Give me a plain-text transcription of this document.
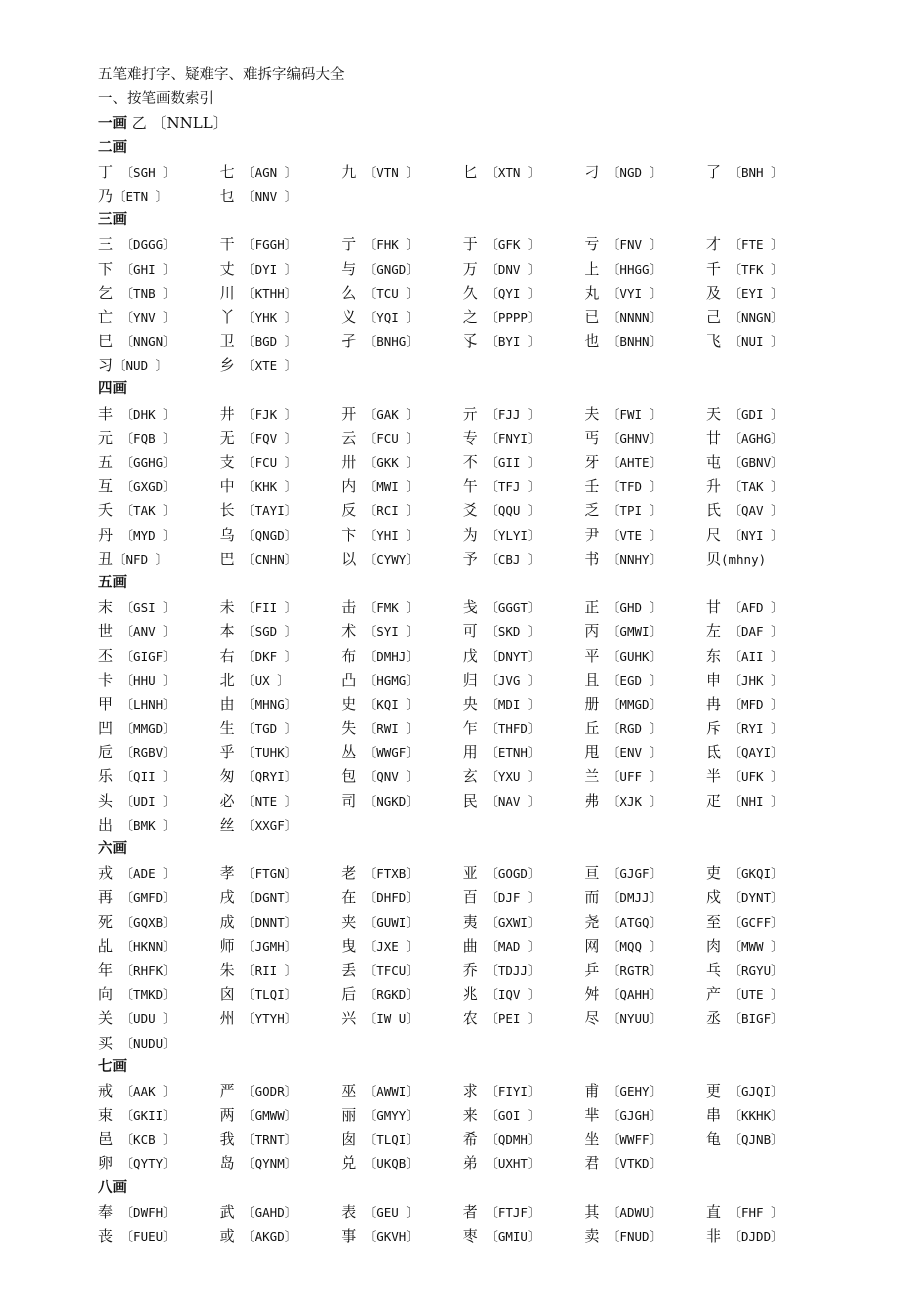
五笔难打字、疑难字、难拆字编码大全
一、按笔画数索引
一画 乙 〔NNLL〕
二画
丁 〔SGH 〕	七 〔AGN 〕	九 〔VTN 〕	匕 〔XTN 〕	刁 〔NGD 〕	了 〔BNH 〕
乃〔ETN 〕	乜 〔NNV 〕
三画
三 〔DGGG〕	干 〔FGGH〕	亍 〔FHK 〕	于 〔GFK 〕	亏 〔FNV 〕	才 〔FTE 〕
下 〔GHI 〕	丈 〔DYI 〕	与 〔GNGD〕	万 〔DNV 〕	上 〔HHGG〕	千 〔TFK 〕
乞 〔TNB 〕	川 〔KTHH〕	么 〔TCU 〕	久 〔QYI 〕	丸 〔VYI 〕	及 〔EYI 〕
亡 〔YNV 〕	丫 〔YHK 〕	义 〔YQI 〕	之 〔PPPP〕	已 〔NNNN〕	己 〔NNGN〕
巳 〔NNGN〕	卫 〔BGD 〕	孑 〔BNHG〕	孓 〔BYI 〕	也 〔BNHN〕	飞 〔NUI 〕
习〔NUD 〕	乡 〔XTE 〕
四画
丰 〔DHK 〕	井 〔FJK 〕	开 〔GAK 〕	亓 〔FJJ 〕	夫 〔FWI 〕	天 〔GDI 〕
元 〔FQB 〕	无 〔FQV 〕	云 〔FCU 〕	专 〔FNYI〕	丐 〔GHNV〕	廿 〔AGHG〕
五 〔GGHG〕	支 〔FCU 〕	卅 〔GKK 〕	不 〔GII 〕	牙 〔AHTE〕	屯 〔GBNV〕
互 〔GXGD〕	中 〔KHK 〕	内 〔MWI 〕	午 〔TFJ 〕	壬 〔TFD 〕	升 〔TAK 〕
夭 〔TAK 〕	长 〔TAYI〕	反 〔RCI 〕	爻 〔QQU 〕	乏 〔TPI 〕	氏 〔QAV 〕
丹 〔MYD 〕	乌 〔QNGD〕	卞 〔YHI 〕	为 〔YLYI〕	尹 〔VTE 〕	尺 〔NYI 〕
丑〔NFD 〕	巴 〔CNHN〕	以 〔CYWY〕	予 〔CBJ 〕	书 〔NNHY〕	贝(mhny)
五画
末 〔GSI 〕	未 〔FII 〕	击 〔FMK 〕	戋 〔GGGT〕	正 〔GHD 〕	甘 〔AFD 〕
世 〔ANV 〕	本 〔SGD 〕	术 〔SYI 〕	可 〔SKD 〕	丙 〔GMWI〕	左 〔DAF 〕
丕 〔GIGF〕	右 〔DKF 〕	布 〔DMHJ〕	戊 〔DNYT〕	平 〔GUHK〕	东 〔AII 〕
卡 〔HHU 〕	北 〔UX 〕	凸 〔HGMG〕	归 〔JVG 〕	且 〔EGD 〕	申 〔JHK 〕
甲 〔LHNH〕	由 〔MHNG〕	史 〔KQI 〕	央 〔MDI 〕	册 〔MMGD〕	冉 〔MFD 〕
凹 〔MMGD〕	生 〔TGD 〕	失 〔RWI 〕	乍 〔THFD〕	丘 〔RGD 〕	斥 〔RYI 〕
卮 〔RGBV〕	乎 〔TUHK〕	丛 〔WWGF〕	用 〔ETNH〕	甩 〔ENV 〕	氐 〔QAYI〕
乐 〔QII 〕	匆 〔QRYI〕	包 〔QNV 〕	玄 〔YXU 〕	兰 〔UFF 〕	半 〔UFK 〕
头 〔UDI 〕	必 〔NTE 〕	司 〔NGKD〕	民 〔NAV 〕	弗 〔XJK 〕	疋 〔NHI 〕
出 〔BMK 〕	丝 〔XXGF〕
六画
戎 〔ADE 〕	孝 〔FTGN〕	老 〔FTXB〕	亚 〔GOGD〕	亘 〔GJGF〕	吏 〔GKQI〕
再 〔GMFD〕	戌 〔DGNT〕	在 〔DHFD〕	百 〔DJF 〕	而 〔DMJJ〕	戍 〔DYNT〕
死 〔GQXB〕	成 〔DNNT〕	夹 〔GUWI〕	夷 〔GXWI〕	尧 〔ATGQ〕	至 〔GCFF〕
乩 〔HKNN〕	师 〔JGMH〕	曳 〔JXE 〕	曲 〔MAD 〕	网 〔MQQ 〕	肉 〔MWW 〕
年 〔RHFK〕	朱 〔RII 〕	丢 〔TFCU〕	乔 〔TDJJ〕	乒 〔RGTR〕	乓 〔RGYU〕
向 〔TMKD〕	囟 〔TLQI〕	后 〔RGKD〕	兆 〔IQV 〕	舛 〔QAHH〕	产 〔UTE 〕
关 〔UDU 〕	州 〔YTYH〕	兴 〔IW U〕	农 〔PEI 〕	尽 〔NYUU〕	丞 〔BIGF〕
买 〔NUDU〕
七画
戒 〔AAK 〕	严 〔GODR〕	巫 〔AWWI〕	求 〔FIYI〕	甫 〔GEHY〕	更 〔GJQI〕
束 〔GKII〕	两 〔GMWW〕	丽 〔GMYY〕	来 〔GOI 〕	芈 〔GJGH〕	串 〔KKHK〕
邑 〔KCB 〕	我 〔TRNT〕	囱 〔TLQI〕	希 〔QDMH〕	坐 〔WWFF〕	龟 〔QJNB〕
卵 〔QYTY〕	岛 〔QYNM〕	兑 〔UKQB〕	弟 〔UXHT〕	君 〔VTKD〕
八画
奉 〔DWFH〕	武 〔GAHD〕	表 〔GEU 〕	者 〔FTJF〕	其 〔ADWU〕	直 〔FHF 〕
丧 〔FUEU〕	或 〔AKGD〕	事 〔GKVH〕	枣 〔GMIU〕	卖 〔FNUD〕	非 〔DJDD〕
